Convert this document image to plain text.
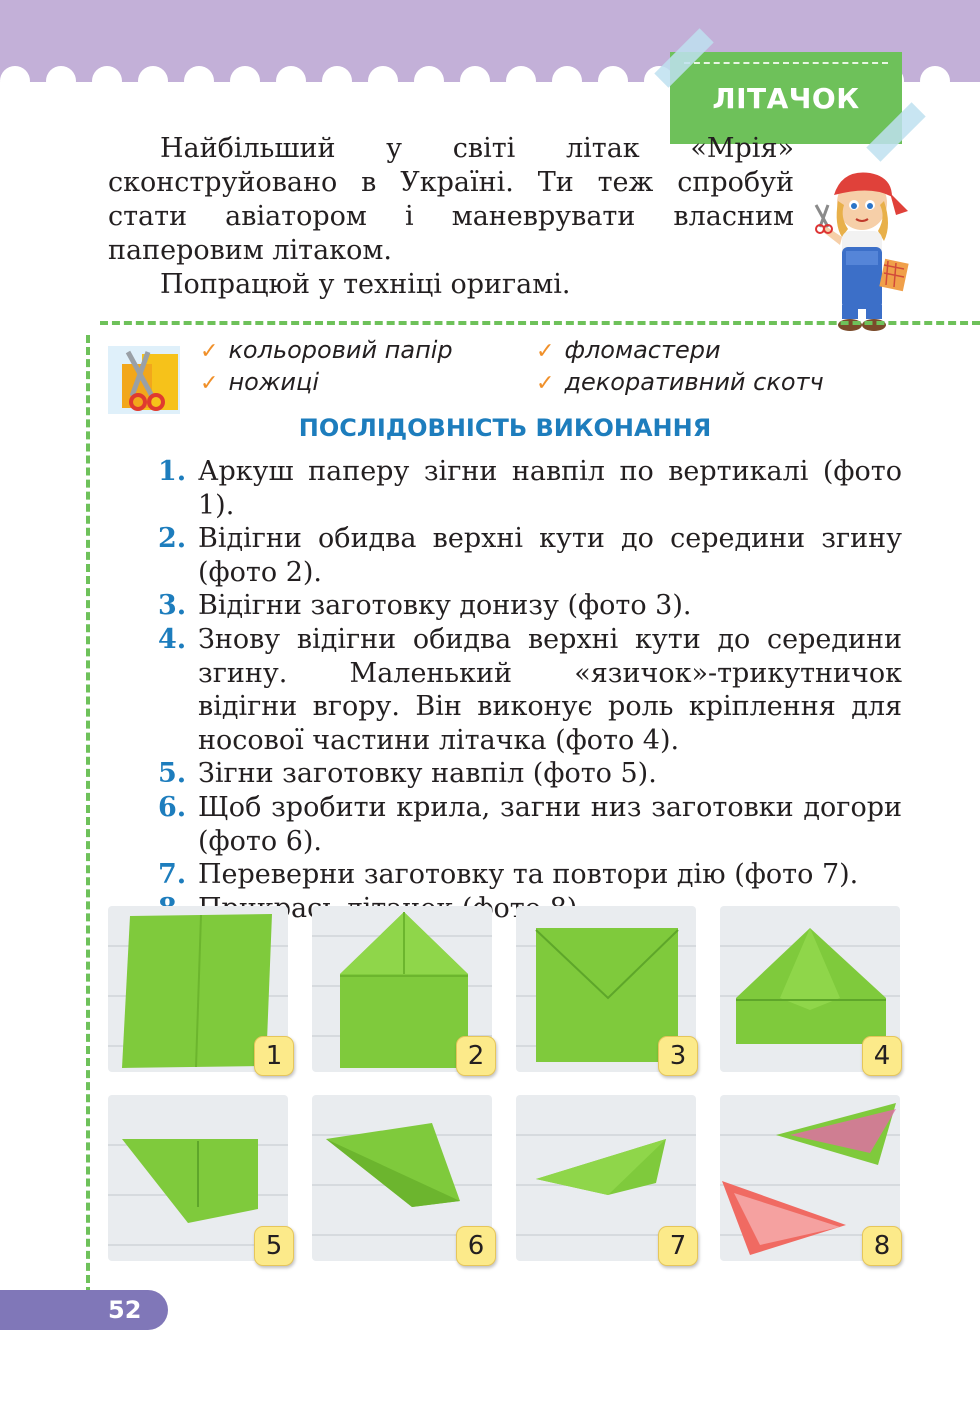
ЛІТАЧОК

Найбільший у світі літак «Мрія» сконструйовано в Україні. Ти теж спробуй стати авіатором і маневрувати власним паперовим літаком.

Попрацюй у техніці оригамі.

✓ кольоровий папір
✓ ножиці
✓ фломастери
✓ декоративний скотч
ПОСЛІДОВНІСТЬ ВИКОНАННЯ
1. Аркуш паперу зігни навпіл по вертикалі (фото 1).
2. Відігни обидва верхні кути до середини згину (фото 2).
3. Відігни заготовку донизу (фото 3).
4. Знову відігни обидва верхні кути до середини згину. Маленький «язичок»-трикутничок відігни вгору. Він виконує роль кріплення для носової частини літачка (фото 4).
5. Зігни заготовку навпіл (фото 5).
6. Щоб зробити крила, загни низ заготовки догори (фото 6).
7. Переверни заготовку та повтори дію (фото 7).
(фото
1	2	3	4
5	6	7	8
52
